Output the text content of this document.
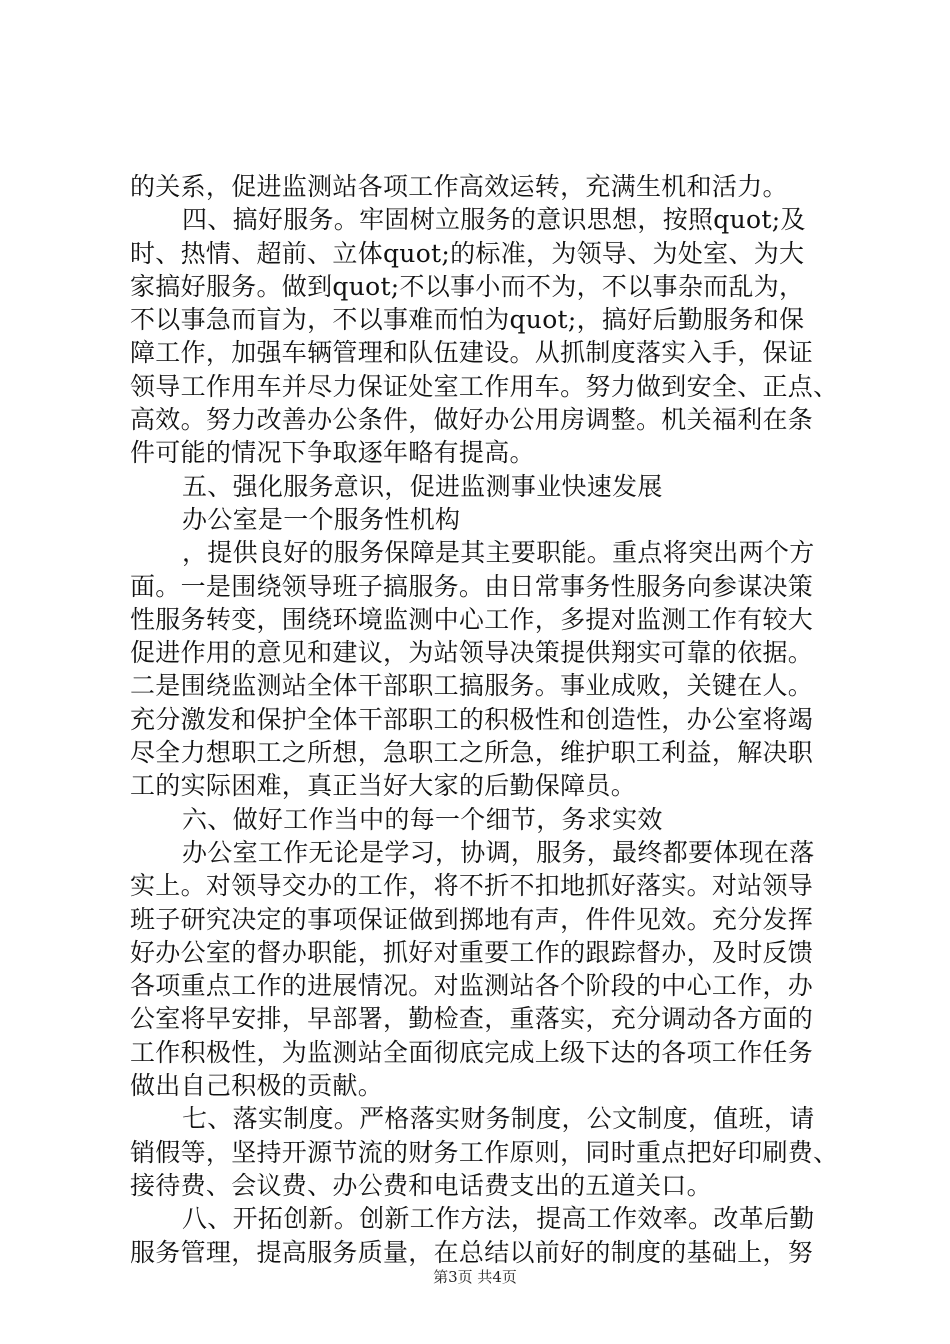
的关系，促进监测站各项工作高效运转，充满生机和活力。
四、搞好服务。牢固树立服务的意识思想，按照quot;及
时、热情、超前、立体quot;的标准，为领导、为处室、为大
家搞好服务。做到quot;不以事小而不为，不以事杂而乱为，
不以事急而盲为，不以事难而怕为quot;，搞好后勤服务和保
障工作，加强车辆管理和队伍建设。从抓制度落实入手，保证
领导工作用车并尽力保证处室工作用车。努力做到安全、正点、
高效。努力改善办公条件，做好办公用房调整。机关福利在条
件可能的情况下争取逐年略有提高。
五、强化服务意识，促进监测事业快速发展
办公室是一个服务性机构
，提供良好的服务保障是其主要职能。重点将突出两个方
面。一是围绕领导班子搞服务。由日常事务性服务向参谋决策
性服务转变，围绕环境监测中心工作，多提对监测工作有较大
促进作用的意见和建议，为站领导决策提供翔实可靠的依据。
二是围绕监测站全体干部职工搞服务。事业成败，关键在人。
充分激发和保护全体干部职工的积极性和创造性，办公室将竭
尽全力想职工之所想，急职工之所急，维护职工利益，解决职
工的实际困难，真正当好大家的后勤保障员。
六、做好工作当中的每一个细节，务求实效
办公室工作无论是学习，协调，服务，最终都要体现在落
实上。对领导交办的工作，将不折不扣地抓好落实。对站领导
班子研究决定的事项保证做到掷地有声，件件见效。充分发挥
好办公室的督办职能，抓好对重要工作的跟踪督办，及时反馈
各项重点工作的进展情况。对监测站各个阶段的中心工作，办
公室将早安排，早部署，勤检查，重落实，充分调动各方面的
工作积极性，为监测站全面彻底完成上级下达的各项工作任务
做出自己积极的贡献。
七、落实制度。严格落实财务制度，公文制度，值班，请
销假等，坚持开源节流的财务工作原则，同时重点把好印刷费、
接待费、会议费、办公费和电话费支出的五道关口。
八、开拓创新。创新工作方法，提高工作效率。改革后勤
服务管理，提高服务质量，在总结以前好的制度的基础上，努
第3页 共4页
